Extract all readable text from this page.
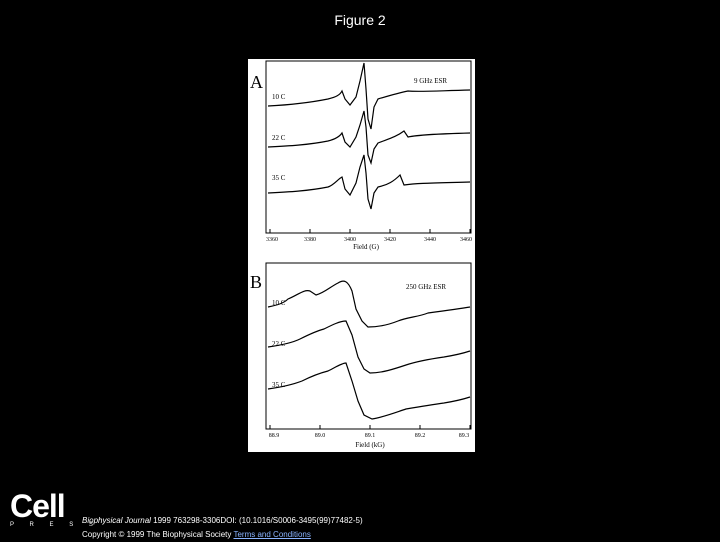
Figure 2
A	9 GHz ESR
10 C
22 C
35 C
3360	3380	3400	3420	3440	3460
Field (G)
B	250 GHz ESR
10 C
22 C
35 C
88.9	89.0	89.1	89.2	89.3
Field (kG)
Cell
P R E S S
Biophysical Journal 1999 763298-3306DOI: (10.1016/S0006-3495(99)77482-5)
Copyright © 1999 The Biophysical Society Terms and Conditions
